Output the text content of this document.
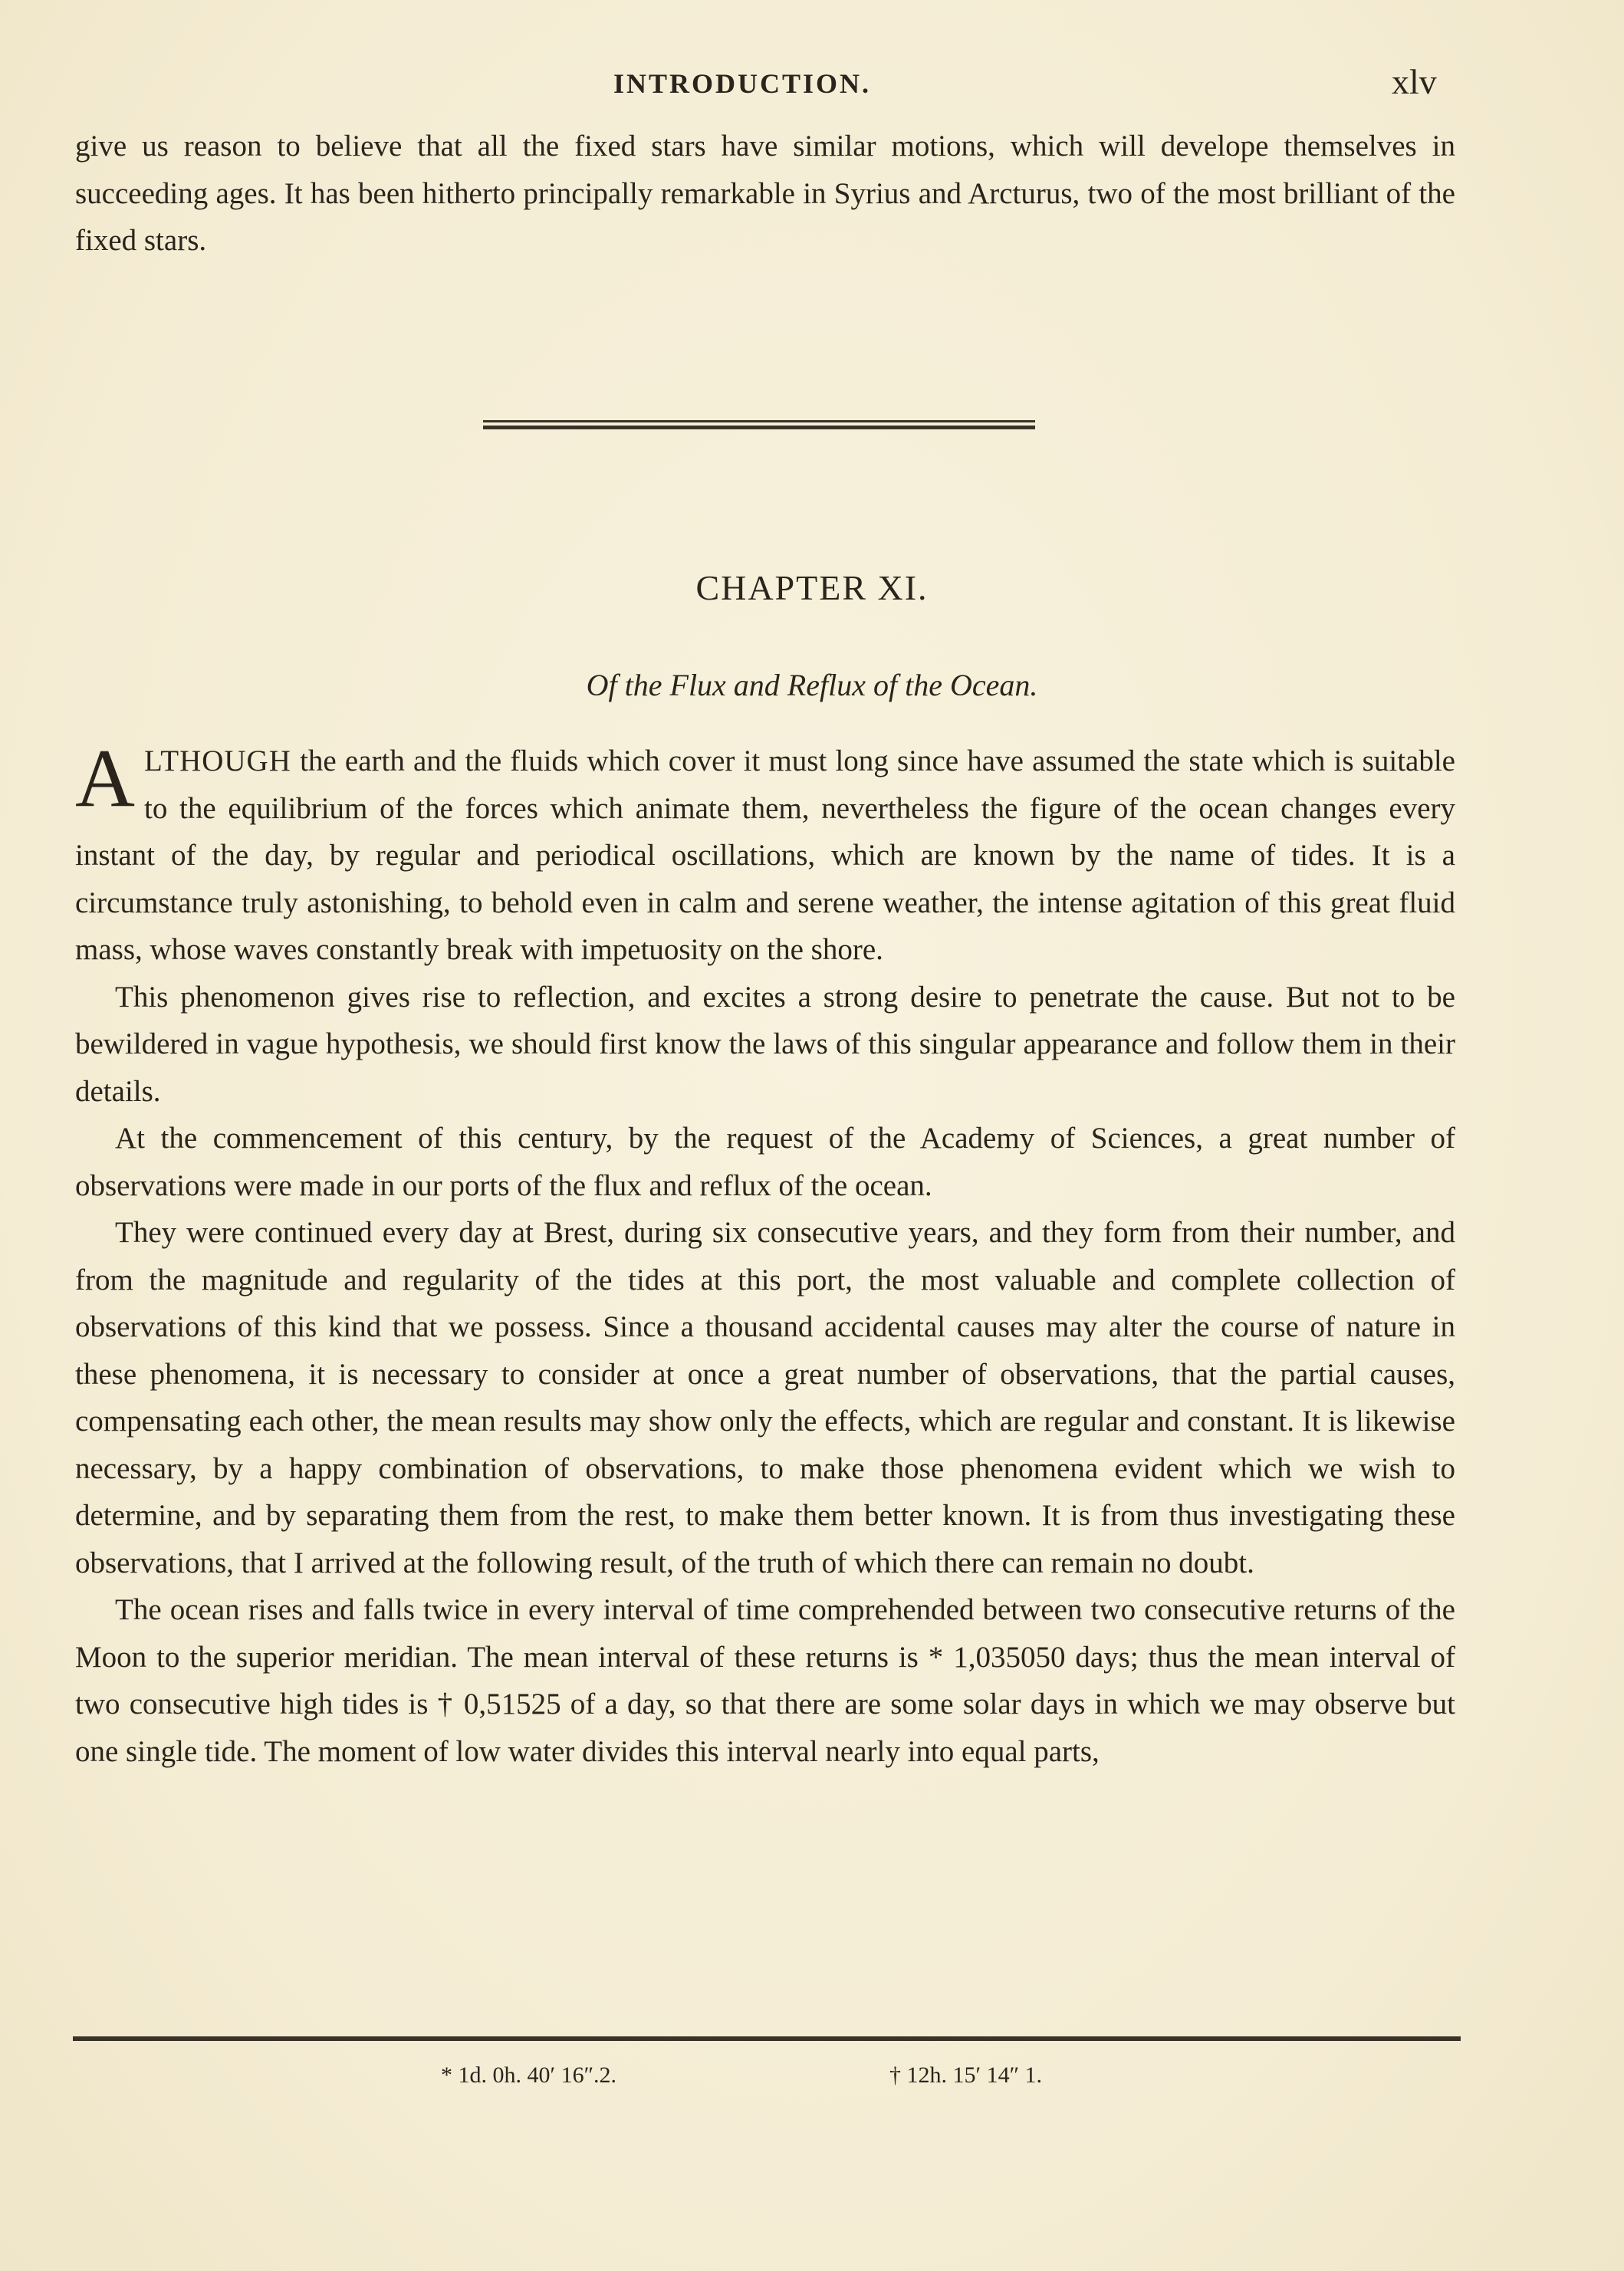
INTRODUCTION.	xlv

give us reason to believe that all the fixed stars have similar motions, which will develope themselves in succeeding ages. It has been hitherto principally remarkable in Syrius and Arcturus, two of the most brilliant of the fixed stars.

CHAPTER XI.
Of the Flux and Reflux of the Ocean.

ALTHOUGH the earth and the fluids which cover it must long since have assumed the state which is suitable to the equilibrium of the forces which animate them, nevertheless the figure of the ocean changes every instant of the day, by regular and periodical oscillations, which are known by the name of tides. It is a circumstance truly astonishing, to behold even in calm and serene weather, the intense agitation of this great fluid mass, whose waves constantly break with impetuosity on the shore.

This phenomenon gives rise to reflection, and excites a strong desire to penetrate the cause. But not to be bewildered in vague hypothesis, we should first know the laws of this singular appearance and follow them in their details.

At the commencement of this century, by the request of the Academy of Sciences, a great number of observations were made in our ports of the flux and reflux of the ocean.

They were continued every day at Brest, during six consecutive years, and they form from their number, and from the magnitude and regularity of the tides at this port, the most valuable and complete collection of observations of this kind that we possess. Since a thousand accidental causes may alter the course of nature in these phenomena, it is necessary to consider at once a great number of observations, that the partial causes, compensating each other, the mean results may show only the effects, which are regular and constant. It is likewise necessary, by a happy combination of observations, to make those phenomena evident which we wish to determine, and by separating them from the rest, to make them better known. It is from thus investigating these observations, that I arrived at the following result, of the truth of which there can remain no doubt.

The ocean rises and falls twice in every interval of time comprehended between two consecutive returns of the Moon to the superior meridian. The mean interval of these returns is * 1,035050 days; thus the mean interval of two consecutive high tides is † 0,51525 of a day, so that there are some solar days in which we may observe but one single tide. The moment of low water divides this interval nearly into equal parts,

* 1d. 0h. 40′ 16″.2.	† 12h. 15′ 14″ 1.
